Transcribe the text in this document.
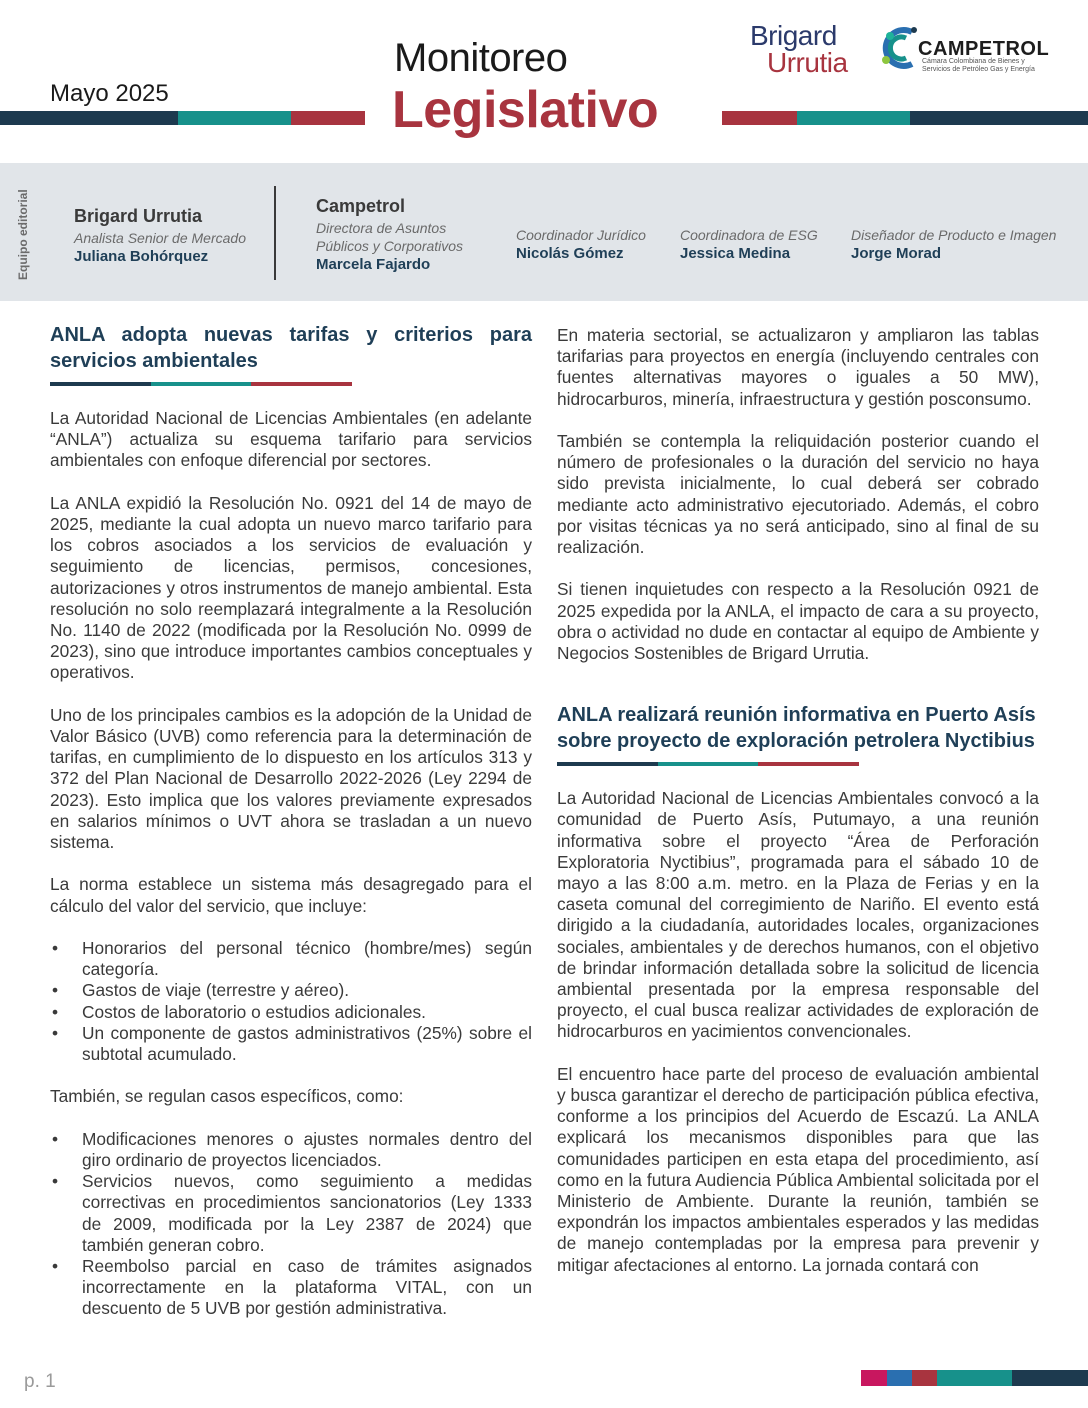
Mayo 2025
Monitoreo
Legislativo
Brigard
Urrutia	CAMPETROL
Cámara Colombiana de Bienes y Servicios de Petróleo Gas y Energía
Equipo editorial Brigard Urrutia
Analista Senior de Mercado
Juliana Bohórquez
Campetrol
Directora de Asuntos
Públicos y Corporativos
Marcela Fajardo
Coordinador Jurídico
Nicolás Gómez
Coordinadora de ESG
Jessica Medina
Diseñador de Producto e Imagen
Jorge Morad
ANLA adopta nuevas tarifas y criterios para servicios ambientales

La Autoridad Nacional de Licencias Ambientales (en adelante “ANLA”) actualiza su esquema tarifario para servicios ambientales con enfoque diferencial por sectores.

La ANLA expidió la Resolución No. 0921 del 14 de mayo de 2025, mediante la cual adopta un nuevo marco tarifario para los cobros asociados a los servicios de evaluación y seguimiento de licencias, permisos, concesiones, autorizaciones y otros instrumentos de manejo ambiental. Esta resolución no solo reemplazará integralmente a la Resolución No. 1140 de 2022 (modificada por la Resolución No. 0999 de 2023), sino que introduce importantes cambios conceptuales y operativos.

Uno de los principales cambios es la adopción de la Unidad de Valor Básico (UVB) como referencia para la determinación de tarifas, en cumplimiento de lo dispuesto en los artículos 313 y 372 del Plan Nacional de Desarrollo 2022-2026 (Ley 2294 de 2023). Esto implica que los valores previamente expresados en salarios mínimos o UVT ahora se trasladan a un nuevo sistema.

La norma establece un sistema más desagregado para el cálculo del valor del servicio, que incluye:

• Honorarios del personal técnico (hombre/mes) según categoría.
• Gastos de viaje (terrestre y aéreo).
• Costos de laboratorio o estudios adicionales.
• Un componente de gastos administrativos (25%) sobre el subtotal acumulado.

También, se regulan casos específicos, como:

• Modificaciones menores o ajustes normales dentro del giro ordinario de proyectos licenciados.
• Servicios nuevos, como seguimiento a medidas correctivas en procedimientos sancionatorios (Ley 1333 de 2009, modificada por la Ley 2387 de 2024) que también generan cobro.
• Reembolso parcial en caso de trámites asignados incorrectamente en la plataforma VITAL, con un descuento de 5 UVB por gestión administrativa.

En materia sectorial, se actualizaron y ampliaron las tablas tarifarias para proyectos en energía (incluyendo centrales con fuentes alternativas mayores o iguales a 50 MW), hidrocarburos, minería, infraestructura y gestión posconsumo.

También se contempla la reliquidación posterior cuando el número de profesionales o la duración del servicio no haya sido prevista inicialmente, lo cual deberá ser cobrado mediante acto administrativo ejecutoriado. Además, el cobro por visitas técnicas ya no será anticipado, sino al final de su realización.

Si tienen inquietudes con respecto a la Resolución 0921 de 2025 expedida por la ANLA, el impacto de cara a su proyecto, obra o actividad no dude en contactar al equipo de Ambiente y Negocios Sostenibles de Brigard Urrutia.

ANLA realizará reunión informativa en Puerto Asís sobre proyecto de exploración petrolera Nyctibius

La Autoridad Nacional de Licencias Ambientales convocó a la comunidad de Puerto Asís, Putumayo, a una reunión informativa sobre el proyecto “Área de Perforación Exploratoria Nyctibius”, programada para el sábado 10 de mayo a las 8:00 a.m. metro. en la Plaza de Ferias y en la caseta comunal del corregimiento de Nariño. El evento está dirigido a la ciudadanía, autoridades locales, organizaciones sociales, ambientales y de derechos humanos, con el objetivo de brindar información detallada sobre la solicitud de licencia ambiental presentada por la empresa responsable del proyecto, el cual busca realizar actividades de exploración de hidrocarburos en yacimientos convencionales.

El encuentro hace parte del proceso de evaluación ambiental y busca garantizar el derecho de participación pública efectiva, conforme a los principios del Acuerdo de Escazú. La ANLA explicará los mecanismos disponibles para que las comunidades participen en esta etapa del procedimiento, así como en la futura Audiencia Pública Ambiental solicitada por el Ministerio de Ambiente. Durante la reunión, también se expondrán los impactos ambientales esperados y las medidas de manejo contempladas por la empresa para prevenir y mitigar afectaciones al entorno. La jornada contará con

p. 1
